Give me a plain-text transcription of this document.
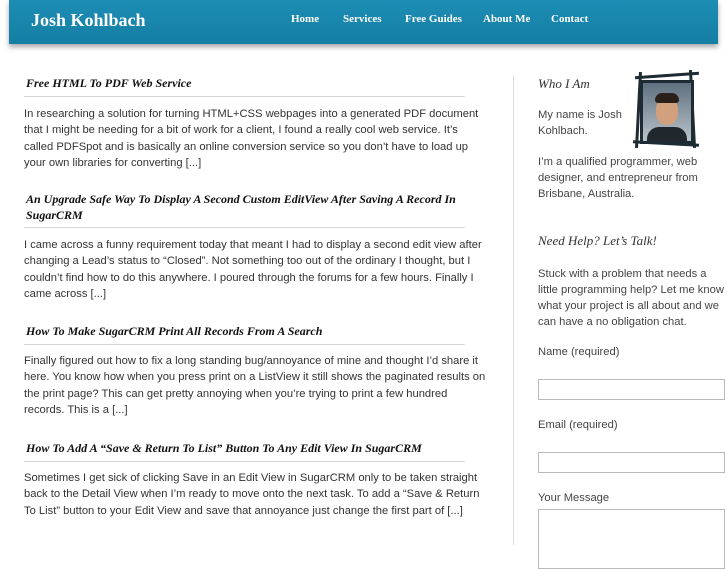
Josh Kohlbach	Home Services Free Guides About Me Contact
Free HTML To PDF Web Service

In researching a solution for turning HTML+CSS webpages into a generated PDF document that I might be needing for a bit of work for a client, I found a really cool web service. It’s called PDFSpot and is basically an online conversion service so you don’t have to load up your own libraries for converting [...]

An Upgrade Safe Way To Display A Second Custom EditView After Saving A Record In SugarCRM

I came across a funny requirement today that meant I had to display a second edit view after changing a Lead’s status to “Closed”. Not something too out of the ordinary I thought, but I couldn’t find how to do this anywhere. I poured through the forums for a few hours. Finally I came across [...]

How To Make SugarCRM Print All Records From A Search

Finally figured out how to fix a long standing bug/annoyance of mine and thought I’d share it here. You know how when you press print on a ListView it still shows the paginated results on the print page? This can get pretty annoying when you’re trying to print a few hundred records. This is a [...]

How To Add A “Save & Return To List” Button To Any Edit View In SugarCRM

Sometimes I get sick of clicking Save in an Edit View in SugarCRM only to be taken straight back to the Detail View when I’m ready to move onto the next task. To add a “Save & Return To List” button to your Edit View and save that annoyance just change the first part of [...]

Who I Am

My name is Josh Kohlbach.

I’m a qualified programmer, web designer, and entrepreneur from Brisbane, Australia.

Need Help? Let’s Talk!

Stuck with a problem that needs a little programming help? Let me know what your project is all about and we can have a no obligation chat.

Name (required)

Email (required)

Your Message
